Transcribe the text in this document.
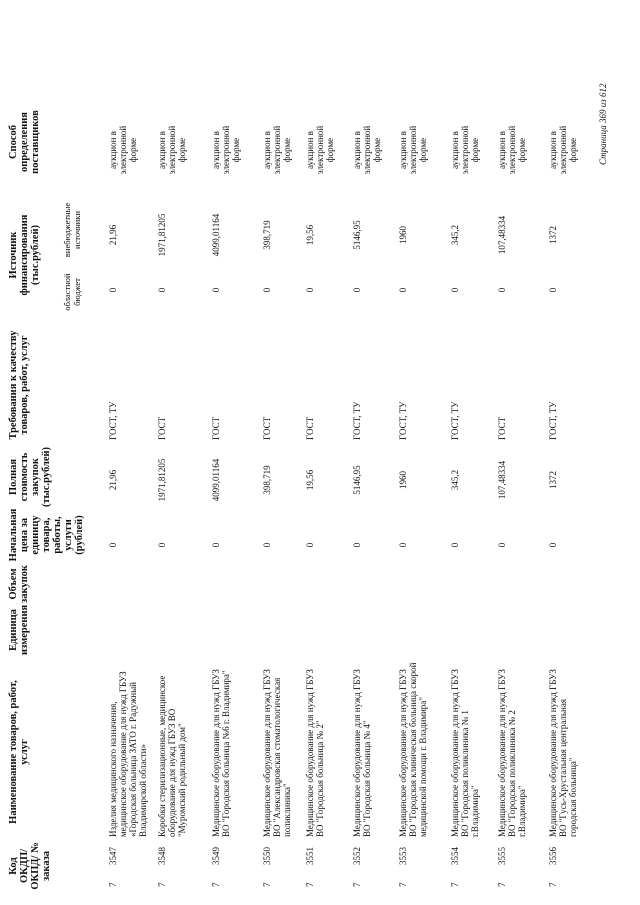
Код ОКДП/ ОКПД/ № заказа
Наименование товаров, работ, услуг
Единица измерения
Объем закупок
Начальная цена за единицу товара, работы, услуги (рублей)
Полная стоимость закупок (тыс.рублей)
Требования к качеству товаров, работ, услуг
Источник финансирования (тыс.рублей)
областной бюджет
внебюджетные источники
Способ определения поставщиков
7
3547
Изделия медицинского назначения, медицинское оборудование для нужд ГБУЗ «Городская больница ЗАТО г. Радужный Владимирской области»
0
21,96
ГОСТ, ТУ
0
21,96
аукцион в электронной форме
7
3548
Коробки стерилизационные, медицинское оборудование для нужд ГБУЗ ВО "Муромский родильный дом"
0
1971,81205
ГОСТ
0
1971,81205
аукцион в электронной форме
7
3549
Медицинское оборудование для нужд ГБУЗ ВО "Городская больница №6 г. Владимира"
0
4099,01164
ГОСТ
0
4099,01164
аукцион в электронной форме
7
3550
Медицинское оборудование для нужд ГБУЗ ВО "Александровская стоматологическая поликлиника"
0
398,719
ГОСТ
0
398,719
аукцион в электронной форме
7
3551
Медицинское оборудование для нужд ГБУЗ ВО "Городская больница № 2"
0
19,56
ГОСТ
0
19,56
аукцион в электронной форме
7
3552
Медицинское оборудование для нужд ГБУЗ ВО "Городская больница № 4"
0
5146,95
ГОСТ, ТУ
0
5146,95
аукцион в электронной форме
7
3553
Медицинское оборудование для нужд ГБУЗ ВО "Городская клиническая больница скорой медицинской помощи г. Владимира"
0
1960
ГОСТ, ТУ
0
1960
аукцион в электронной форме
7
3554
Медицинское оборудование для нужд ГБУЗ ВО "Городская поликлиника № 1 г.Владимира"
0
345,2
ГОСТ, ТУ
0
345,2
аукцион в электронной форме
7
3555
Медицинское оборудование для нужд ГБУЗ ВО "Городская поликлиника № 2 г.Владимира"
0
107,48334
ГОСТ
0
107,48334
аукцион в электронной форме
7
3556
Медицинское оборудование для нужд ГБУЗ ВО "Гусь-Хрустальная центральная городская больница"
0
1372
ГОСТ, ТУ
0
1372
аукцион в электронной форме Страница 369 из 612
